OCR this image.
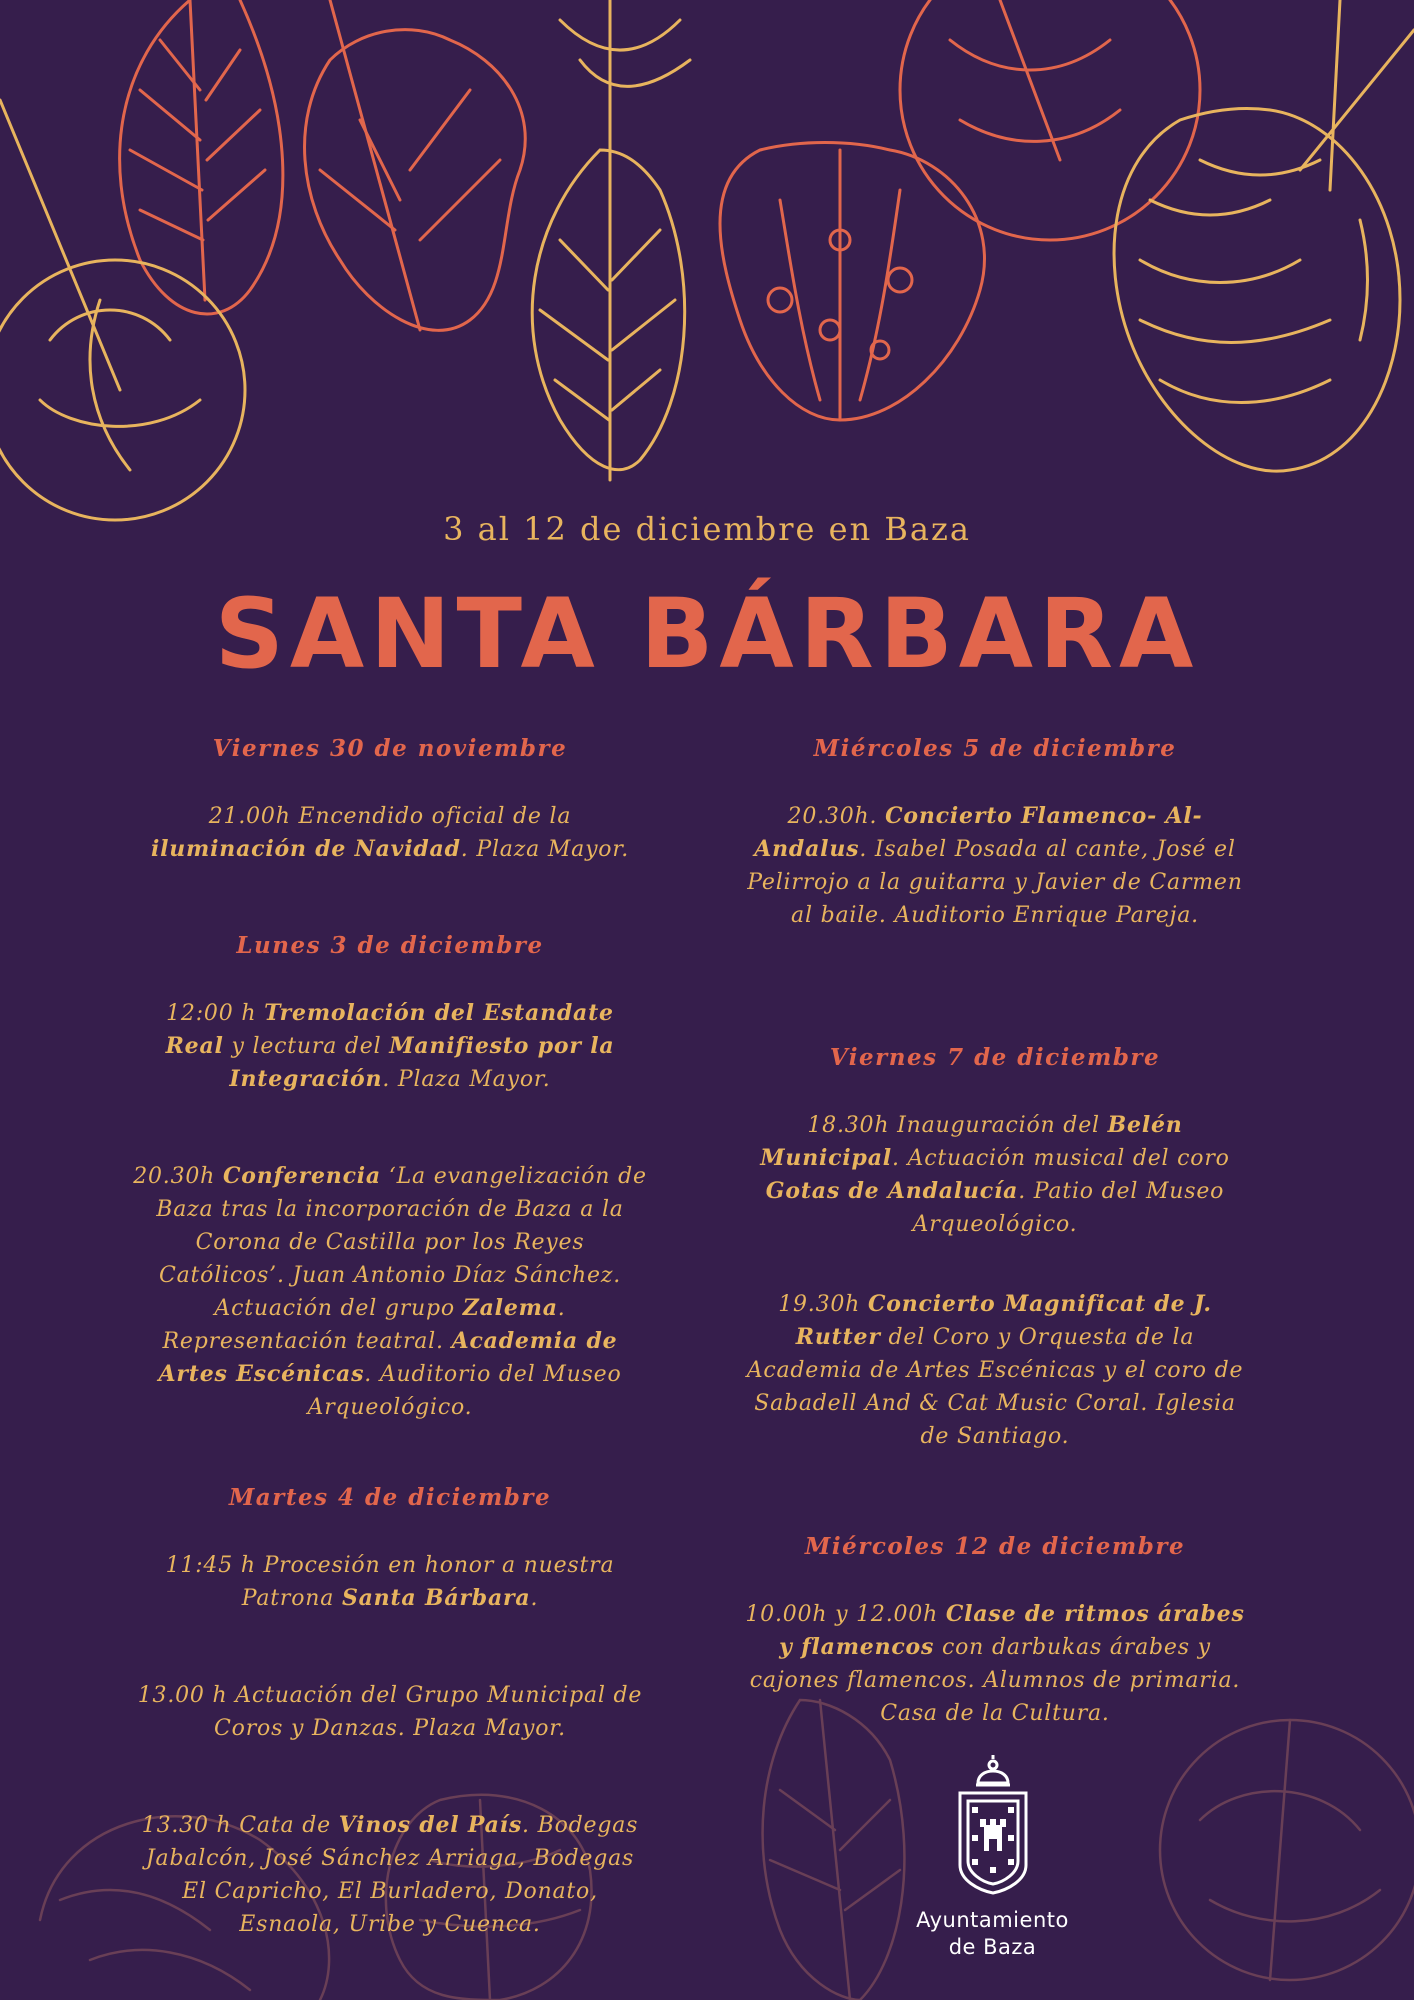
3 al 12 de diciembre en Baza
SANTA BÁRBARA
Viernes 30 de noviembre

21.00h Encendido oficial de la
iluminación de Navidad. Plaza Mayor.

Lunes 3 de diciembre

12:00 h Tremolación del Estandate
Real y lectura del Manifiesto por la
Integración. Plaza Mayor.

20.30h Conferencia ‘La evangelización de
Baza tras la incorporación de Baza a la
Corona de Castilla por los Reyes
Católicos’. Juan Antonio Díaz Sánchez.
Actuación del grupo Zalema.
Representación teatral. Academia de
Artes Escénicas. Auditorio del Museo
Arqueológico.

Martes 4 de diciembre

11:45 h Procesión en honor a nuestra
Patrona Santa Bárbara.

13.00 h Actuación del Grupo Municipal de
Coros y Danzas. Plaza Mayor.

13.30 h Cata de Vinos del País. Bodegas
Jabalcón, José Sánchez Arriaga, Bodegas
El Capricho, El Burladero, Donato,
Esnaola, Uribe y Cuenca.

Miércoles 5 de diciembre

20.30h. Concierto Flamenco- Al-
Andalus. Isabel Posada al cante, José el
Pelirrojo a la guitarra y Javier de Carmen
al baile. Auditorio Enrique Pareja.

Viernes 7 de diciembre

18.30h Inauguración del Belén
Municipal. Actuación musical del coro
Gotas de Andalucía. Patio del Museo
Arqueológico.

19.30h Concierto Magnificat de J.
Rutter del Coro y Orquesta de la
Academia de Artes Escénicas y el coro de
Sabadell And & Cat Music Coral. Iglesia
de Santiago.

Miércoles 12 de diciembre

10.00h y 12.00h Clase de ritmos árabes
y flamencos con darbukas árabes y
cajones flamencos. Alumnos de primaria.
Casa de la Cultura.

Ayuntamiento
de Baza
